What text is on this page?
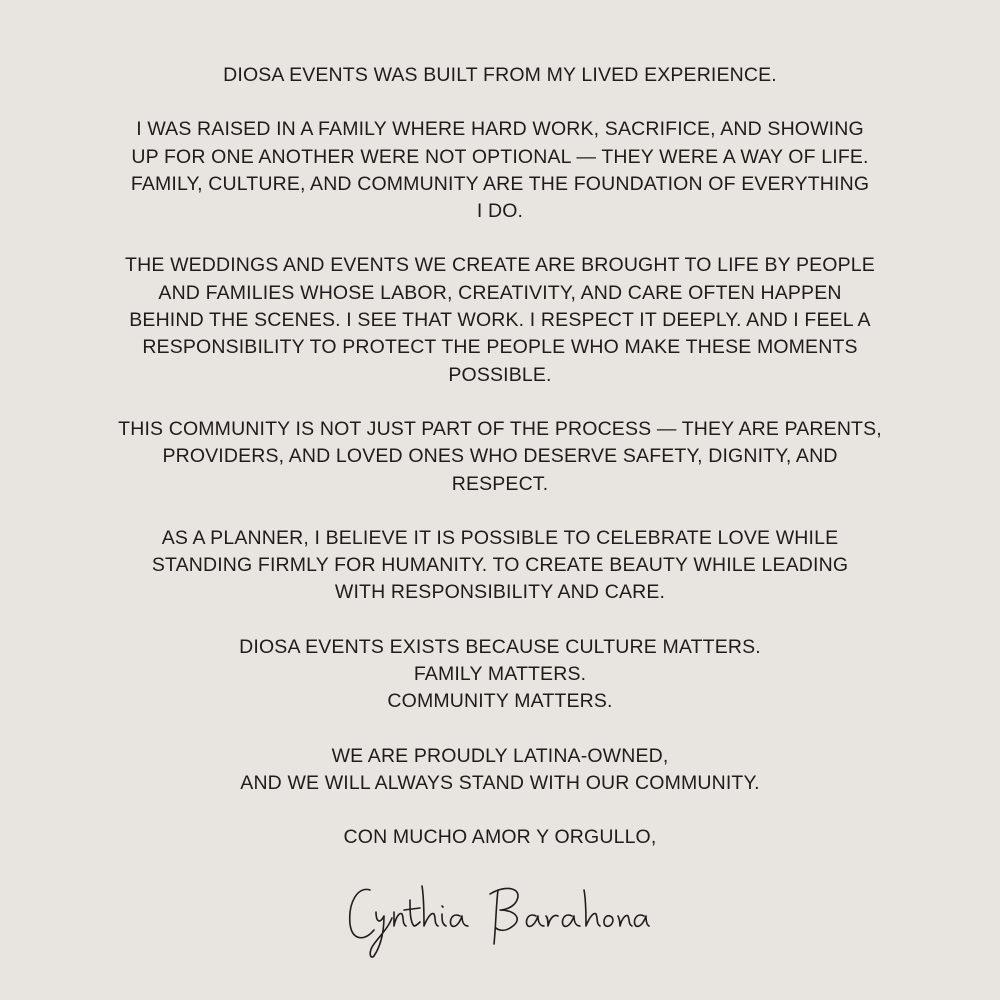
DIOSA EVENTS WAS BUILT FROM MY LIVED EXPERIENCE.

I WAS RAISED IN A FAMILY WHERE HARD WORK, SACRIFICE, AND SHOWING
UP FOR ONE ANOTHER WERE NOT OPTIONAL — THEY WERE A WAY OF LIFE.
FAMILY, CULTURE, AND COMMUNITY ARE THE FOUNDATION OF EVERYTHING
I DO.

THE WEDDINGS AND EVENTS WE CREATE ARE BROUGHT TO LIFE BY PEOPLE
AND FAMILIES WHOSE LABOR, CREATIVITY, AND CARE OFTEN HAPPEN
BEHIND THE SCENES. I SEE THAT WORK. I RESPECT IT DEEPLY. AND I FEEL A
RESPONSIBILITY TO PROTECT THE PEOPLE WHO MAKE THESE MOMENTS
POSSIBLE.

THIS COMMUNITY IS NOT JUST PART OF THE PROCESS — THEY ARE PARENTS,
PROVIDERS, AND LOVED ONES WHO DESERVE SAFETY, DIGNITY, AND
RESPECT.

AS A PLANNER, I BELIEVE IT IS POSSIBLE TO CELEBRATE LOVE WHILE
STANDING FIRMLY FOR HUMANITY. TO CREATE BEAUTY WHILE LEADING
WITH RESPONSIBILITY AND CARE.

DIOSA EVENTS EXISTS BECAUSE CULTURE MATTERS.
FAMILY MATTERS.
COMMUNITY MATTERS.

WE ARE PROUDLY LATINA-OWNED,
AND WE WILL ALWAYS STAND WITH OUR COMMUNITY.

CON MUCHO AMOR Y ORGULLO,
